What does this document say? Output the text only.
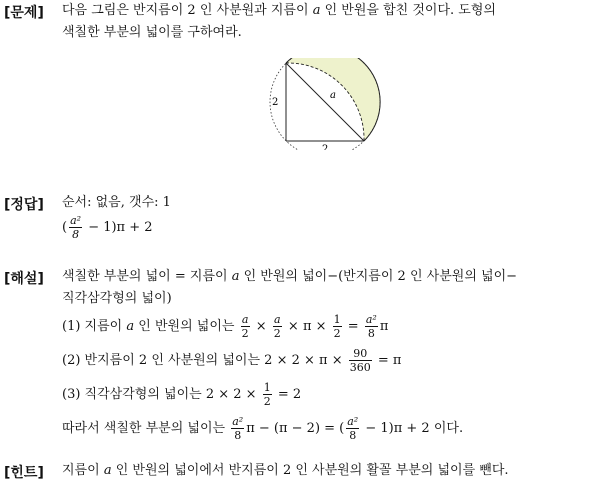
[문제] 다음 그림은 반지름이 2 인 사분원과 지름이 a 인 반원을 합친 것이다. 도형의
색칠한 부분의 넓이를 구하여라.
2
2
a
[정답] 순서: 없음, 갯수: 1
( $\frac{\text{a²}}{8} - 1)\pi + 2$
[해설] 색칠한 부분의 넓이 = 지름이 a 인 반원의 넓이−(반지름이 2 인 사분원의 넓이−
직각삼각형의 넓이)
(1) 지름이 a 인 반원의 넓이는 $\frac{a}{2} \times \frac{a}{2} \times \pi \times \frac{1}{2} = \frac{\text{a²}}{8}$ π
(2) 반지름이 2 인 사분원의 넓이는 $2 \times 2 \times \pi \times \frac{90}{360} = \pi$
(3) 직각삼각형의 넓이는 $2 \times 2 \times \frac{1}{2} = 2$
따라서 색칠한 부분의 넓이는 $\frac{\text{a²}}{8}$ π − (π − 2) = ( $\frac{\text{a²}}{8} - 1)\pi + 2$ 이다.
[힌트] 지름이 a 인 반원의 넓이에서 반지름이 2 인 사분원의 활꼴 부분의 넓이를 뺀다.
